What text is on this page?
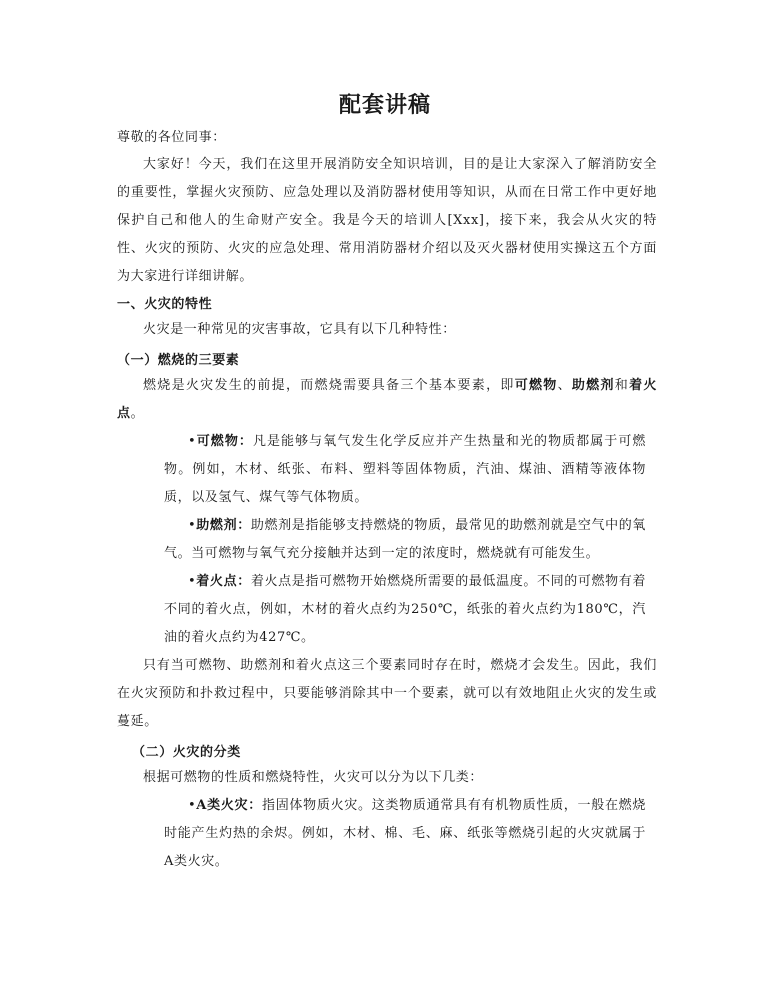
配套讲稿

尊敬的各位同事：

大家好！今天，我们在这里开展消防安全知识培训，目的是让大家深入了解消防安全的重要性，掌握火灾预防、应急处理以及消防器材使用等知识，从而在日常工作中更好地保护自己和他人的生命财产安全。我是今天的培训人[Xxx]，接下来，我会从火灾的特性、火灾的预防、火灾的应急处理、常用消防器材介绍以及灭火器材使用实操这五个方面为大家进行详细讲解。

一、火灾的特性

火灾是一种常见的灾害事故，它具有以下几种特性：

（一）燃烧的三要素

燃烧是火灾发生的前提，而燃烧需要具备三个基本要素，即可燃物、助燃剂和着火点。

•可燃物：凡是能够与氧气发生化学反应并产生热量和光的物质都属于可燃物。例如，木材、纸张、布料、塑料等固体物质，汽油、煤油、酒精等液体物质，以及氢气、煤气等气体物质。

•助燃剂：助燃剂是指能够支持燃烧的物质，最常见的助燃剂就是空气中的氧气。当可燃物与氧气充分接触并达到一定的浓度时，燃烧就有可能发生。

•着火点：着火点是指可燃物开始燃烧所需要的最低温度。不同的可燃物有着不同的着火点，例如，木材的着火点约为250℃，纸张的着火点约为180℃，汽油的着火点约为427℃。

只有当可燃物、助燃剂和着火点这三个要素同时存在时，燃烧才会发生。因此，我们在火灾预防和扑救过程中，只要能够消除其中一个要素，就可以有效地阻止火灾的发生或蔓延。

（二）火灾的分类

根据可燃物的性质和燃烧特性，火灾可以分为以下几类：

•A类火灾：指固体物质火灾。这类物质通常具有有机物质性质，一般在燃烧时能产生灼热的余烬。例如，木材、棉、毛、麻、纸张等燃烧引起的火灾就属于A类火灾。
